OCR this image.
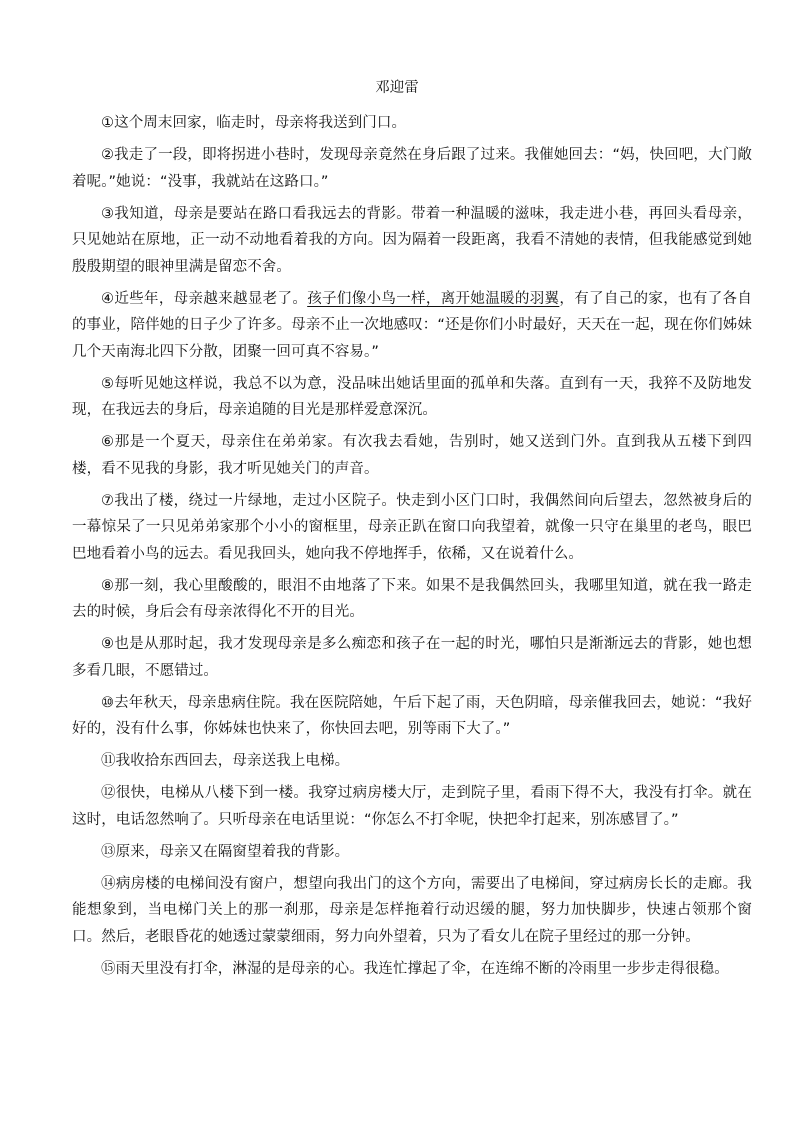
邓迎雷

①这个周末回家，临走时，母亲将我送到门口。

②我走了一段，即将拐进小巷时，发现母亲竟然在身后跟了过来。我催她回去：“妈，快回吧，大门敞着呢。”她说：“没事，我就站在这路口。”

③我知道，母亲是要站在路口看我远去的背影。带着一种温暖的滋味，我走进小巷，再回头看母亲，只见她站在原地，正一动不动地看着我的方向。因为隔着一段距离，我看不清她的表情，但我能感觉到她殷殷期望的眼神里满是留恋不舍。

④近些年，母亲越来越显老了。孩子们像小鸟一样，离开她温暖的羽翼，有了自己的家，也有了各自的事业，陪伴她的日子少了许多。母亲不止一次地感叹：“还是你们小时最好，天天在一起，现在你们姊妹几个天南海北四下分散，团聚一回可真不容易。”

⑤每听见她这样说，我总不以为意，没品味出她话里面的孤单和失落。直到有一天，我猝不及防地发现，在我远去的身后，母亲追随的目光是那样爱意深沉。

⑥那是一个夏天，母亲住在弟弟家。有次我去看她，告别时，她又送到门外。直到我从五楼下到四楼，看不见我的身影，我才听见她关门的声音。

⑦我出了楼，绕过一片绿地，走过小区院子。快走到小区门口时，我偶然间向后望去，忽然被身后的一幕惊呆了一只见弟弟家那个小小的窗框里，母亲正趴在窗口向我望着，就像一只守在巢里的老鸟，眼巴巴地看着小鸟的远去。看见我回头，她向我不停地挥手，依稀，又在说着什么。

⑧那一刻，我心里酸酸的，眼泪不由地落了下来。如果不是我偶然回头，我哪里知道，就在我一路走去的时候，身后会有母亲浓得化不开的目光。

⑨也是从那时起，我才发现母亲是多么痴恋和孩子在一起的时光，哪怕只是渐渐远去的背影，她也想多看几眼，不愿错过。

⑩去年秋天，母亲患病住院。我在医院陪她，午后下起了雨，天色阴暗，母亲催我回去，她说：“我好好的，没有什么事，你姊妹也快来了，你快回去吧，别等雨下大了。”

⑪我收拾东西回去，母亲送我上电梯。

⑫很快，电梯从八楼下到一楼。我穿过病房楼大厅，走到院子里，看雨下得不大，我没有打伞。就在这时，电话忽然响了。只听母亲在电话里说：“你怎么不打伞呢，快把伞打起来，别冻感冒了。”

⑬原来，母亲又在隔窗望着我的背影。

⑭病房楼的电梯间没有窗户，想望向我出门的这个方向，需要出了电梯间，穿过病房长长的走廊。我能想象到，当电梯门关上的那一刹那，母亲是怎样拖着行动迟缓的腿，努力加快脚步，快速占领那个窗口。然后，老眼昏花的她透过蒙蒙细雨，努力向外望着，只为了看女儿在院子里经过的那一分钟。

⑮雨天里没有打伞，淋湿的是母亲的心。我连忙撑起了伞，在连绵不断的冷雨里一步步走得很稳。
